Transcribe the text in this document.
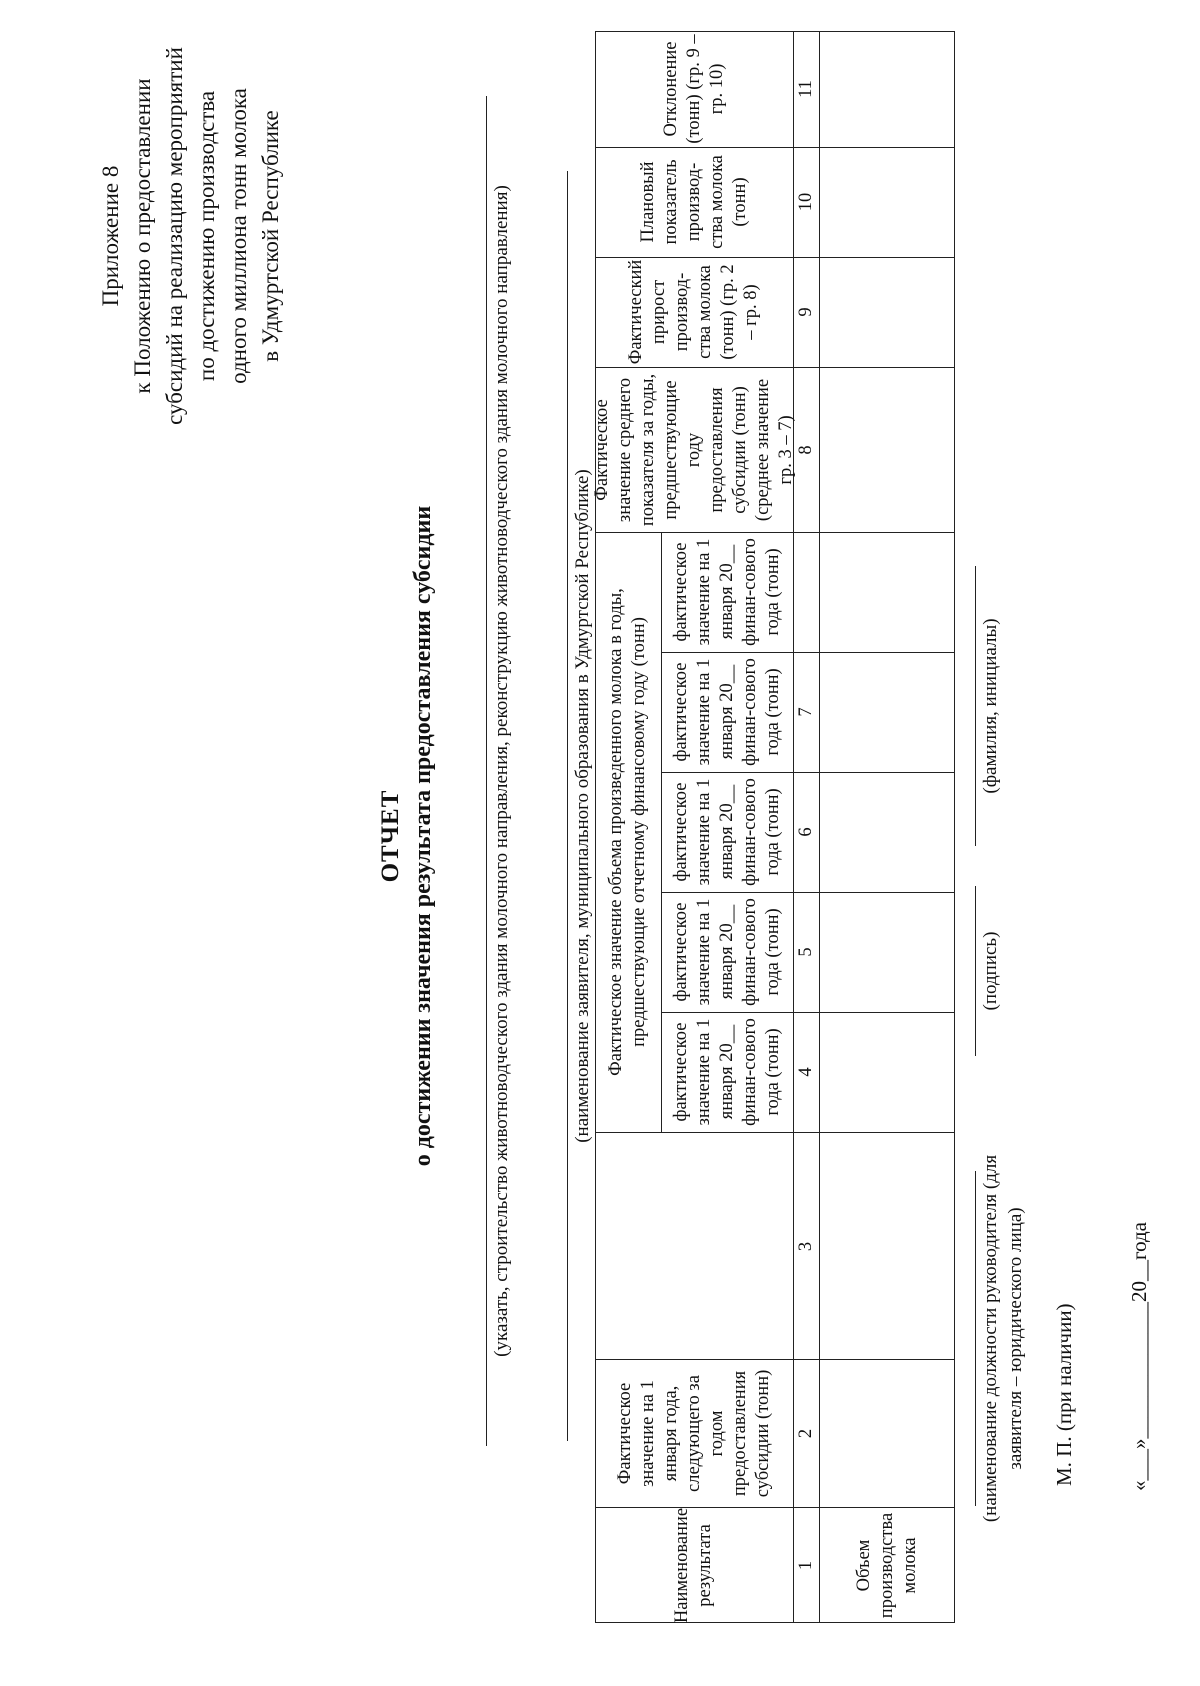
Приложение 8 к Положению о предоставлении субсидий на реализацию мероприятий по достижению производства одного миллиона тонн молока в Удмуртской Республике
ОТЧЕТ о достижении значения результата предоставления субсидии	(указать, строительство животноводческого здания молочного направления, реконструкцию животноводческого здания молочного направления)	(наименование заявителя, муниципального образования в Удмуртской Республике)
Наименование результата
Фактическое значение на 1 января года, следующего за годом предоставления субсидии (тонн)
Фактическое значение объема произведенного молока в годы, предшествующие отчетному финансовому году (тонн)
фактическое значение на 1 января 20__ финан-сового года (тонн)
фактическое значение на 1 января 20__ финан-сового года (тонн)
фактическое значение на 1 января 20__ финан-сового года (тонн)
фактическое значение на 1 января 20__ финан-сового года (тонн)
фактическое значение на 1 января 20__ финан-сового года (тонн)
Фактическое значение среднего показателя за годы, предшествующие году предоставления субсидии (тонн) (среднее значение гр. 3 – 7)
Фактический прирост производ-ства молока (тонн) (гр. 2 – гр. 8)
Плановый показатель производ-ства молока (тонн)
Отклонение (тонн) (гр. 9 – гр. 10)
1
2
3
4
5
6
7
8
9
10
11
Объем производства молока
(наименование должности руководителя (для заявителя – юридического лица)
(подпись)
(фамилия, инициалы)
М. П. (при наличии) «___»_____________20__года
